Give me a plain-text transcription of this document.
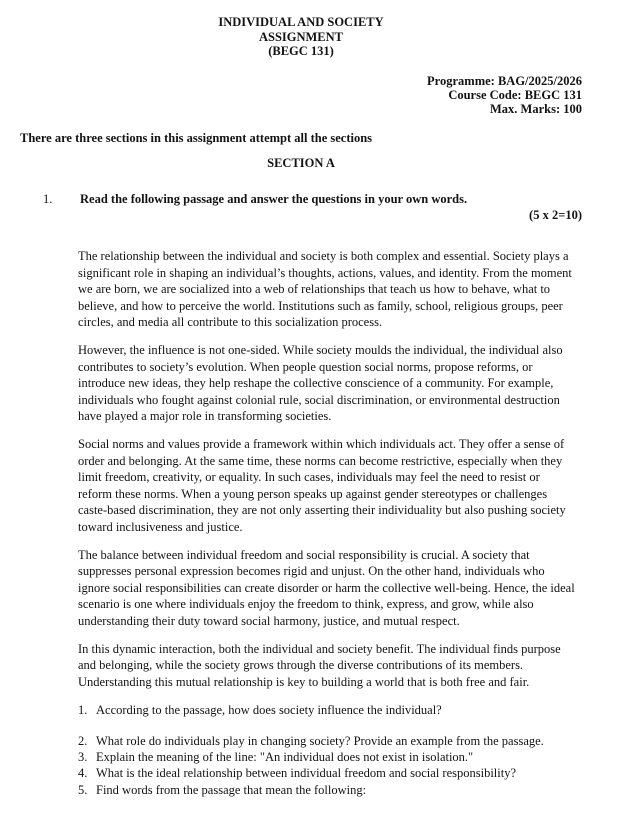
INDIVIDUAL AND SOCIETY
ASSIGNMENT
(BEGC 131)
Programme: BAG/2025/2026
Course Code: BEGC 131
Max. Marks: 100
There are three sections in this assignment attempt all the sections
SECTION A
1.	Read the following passage and answer the questions in your own words.
(5 x 2=10)

The relationship between the individual and society is both complex and essential. Society plays a significant role in shaping an individual’s thoughts, actions, values, and identity. From the moment we are born, we are socialized into a web of relationships that teach us how to behave, what to believe, and how to perceive the world. Institutions such as family, school, religious groups, peer circles, and media all contribute to this socialization process.

However, the influence is not one-sided. While society moulds the individual, the individual also contributes to society’s evolution. When people question social norms, propose reforms, or introduce new ideas, they help reshape the collective conscience of a community. For example, individuals who fought against colonial rule, social discrimination, or environmental destruction have played a major role in transforming societies.

Social norms and values provide a framework within which individuals act. They offer a sense of order and belonging. At the same time, these norms can become restrictive, especially when they limit freedom, creativity, or equality. In such cases, individuals may feel the need to resist or reform these norms. When a young person speaks up against gender stereotypes or challenges caste-based discrimination, they are not only asserting their individuality but also pushing society toward inclusiveness and justice.

The balance between individual freedom and social responsibility is crucial. A society that suppresses personal expression becomes rigid and unjust. On the other hand, individuals who ignore social responsibilities can create disorder or harm the collective well-being. Hence, the ideal scenario is one where individuals enjoy the freedom to think, express, and grow, while also understanding their duty toward social harmony, justice, and mutual respect.

In this dynamic interaction, both the individual and society benefit. The individual finds purpose and belonging, while the society grows through the diverse contributions of its members. Understanding this mutual relationship is key to building a world that is both free and fair.

1. According to the passage, how does society influence the individual?
2. What role do individuals play in changing society? Provide an example from the passage.
3. Explain the meaning of the line: "An individual does not exist in isolation."
4. What is the ideal relationship between individual freedom and social responsibility?
5. Find words from the passage that mean the following:
